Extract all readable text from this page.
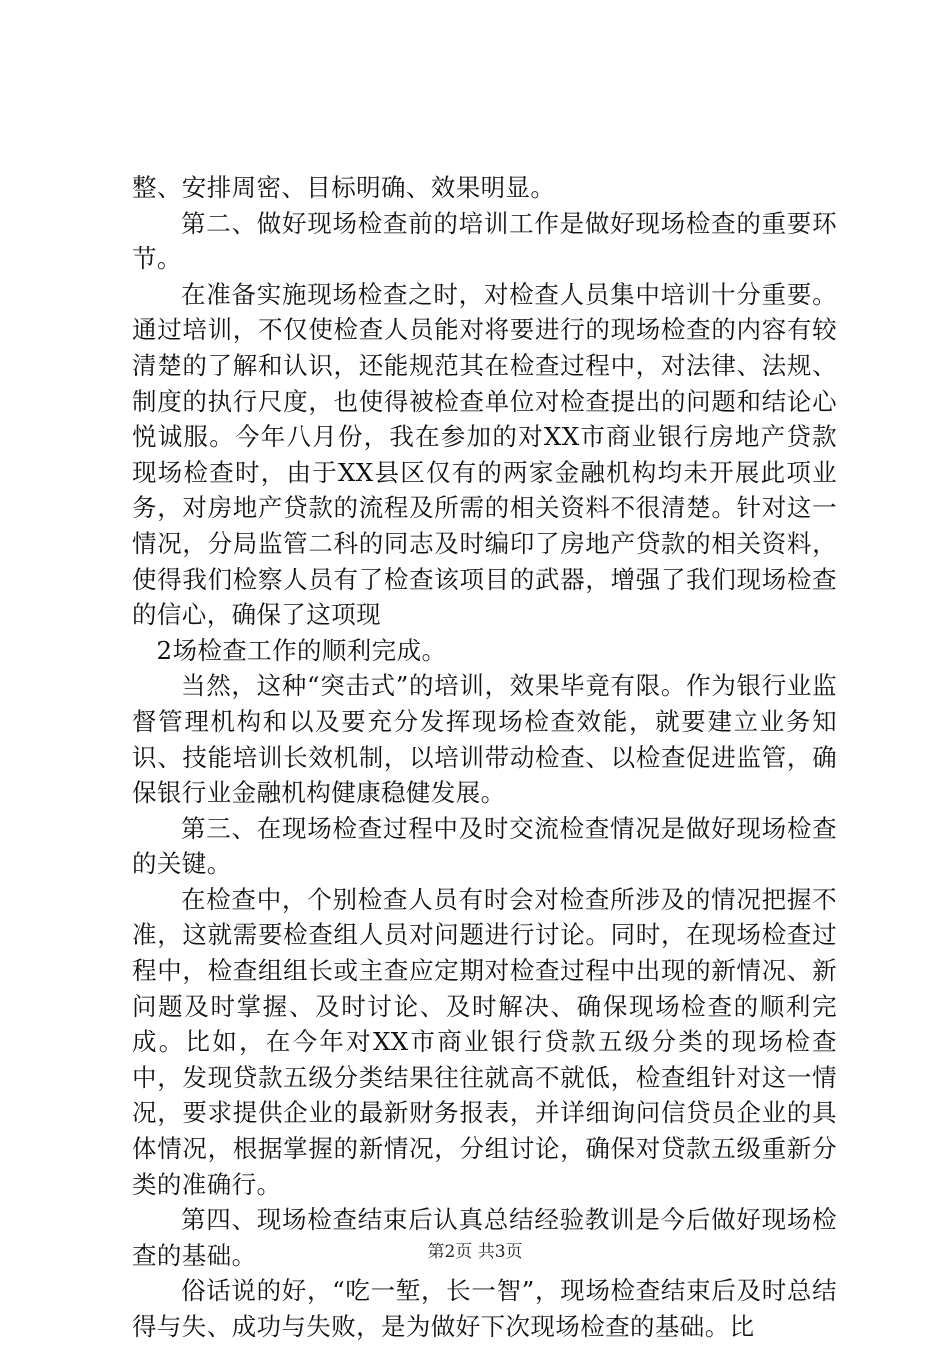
整、安排周密、目标明确、效果明显。

第二、做好现场检查前的培训工作是做好现场检查的重要环节。

在准备实施现场检查之时，对检查人员集中培训十分重要。通过培训，不仅使检查人员能对将要进行的现场检查的内容有较清楚的了解和认识，还能规范其在检查过程中，对法律、法规、制度的执行尺度，也使得被检查单位对检查提出的问题和结论心悦诚服。今年八月份，我在参加的对XX市商业银行房地产贷款现场检查时，由于XX县区仅有的两家金融机构均未开展此项业务，对房地产贷款的流程及所需的相关资料不很清楚。针对这一情况，分局监管二科的同志及时编印了房地产贷款的相关资料，使得我们检察人员有了检查该项目的武器，增强了我们现场检查的信心，确保了这项现

2场检查工作的顺利完成。

当然，这种“突击式”的培训，效果毕竟有限。作为银行业监督管理机构和以及要充分发挥现场检查效能，就要建立业务知识、技能培训长效机制，以培训带动检查、以检查促进监管，确保银行业金融机构健康稳健发展。

第三、在现场检查过程中及时交流检查情况是做好现场检查的关键。

在检查中，个别检查人员有时会对检查所涉及的情况把握不准，这就需要检查组人员对问题进行讨论。同时，在现场检查过程中，检查组组长或主查应定期对检查过程中出现的新情况、新问题及时掌握、及时讨论、及时解决、确保现场检查的顺利完成。比如，在今年对XX市商业银行贷款五级分类的现场检查中，发现贷款五级分类结果往往就高不就低，检查组针对这一情况，要求提供企业的最新财务报表，并详细询问信贷员企业的具体情况，根据掌握的新情况，分组讨论，确保对贷款五级重新分类的准确行。

第四、现场检查结束后认真总结经验教训是今后做好现场检查的基础。

俗话说的好，“吃一堑，长一智”，现场检查结束后及时总结得与失、成功与失败，是为做好下次现场检查的基础。比

第2页 共3页
